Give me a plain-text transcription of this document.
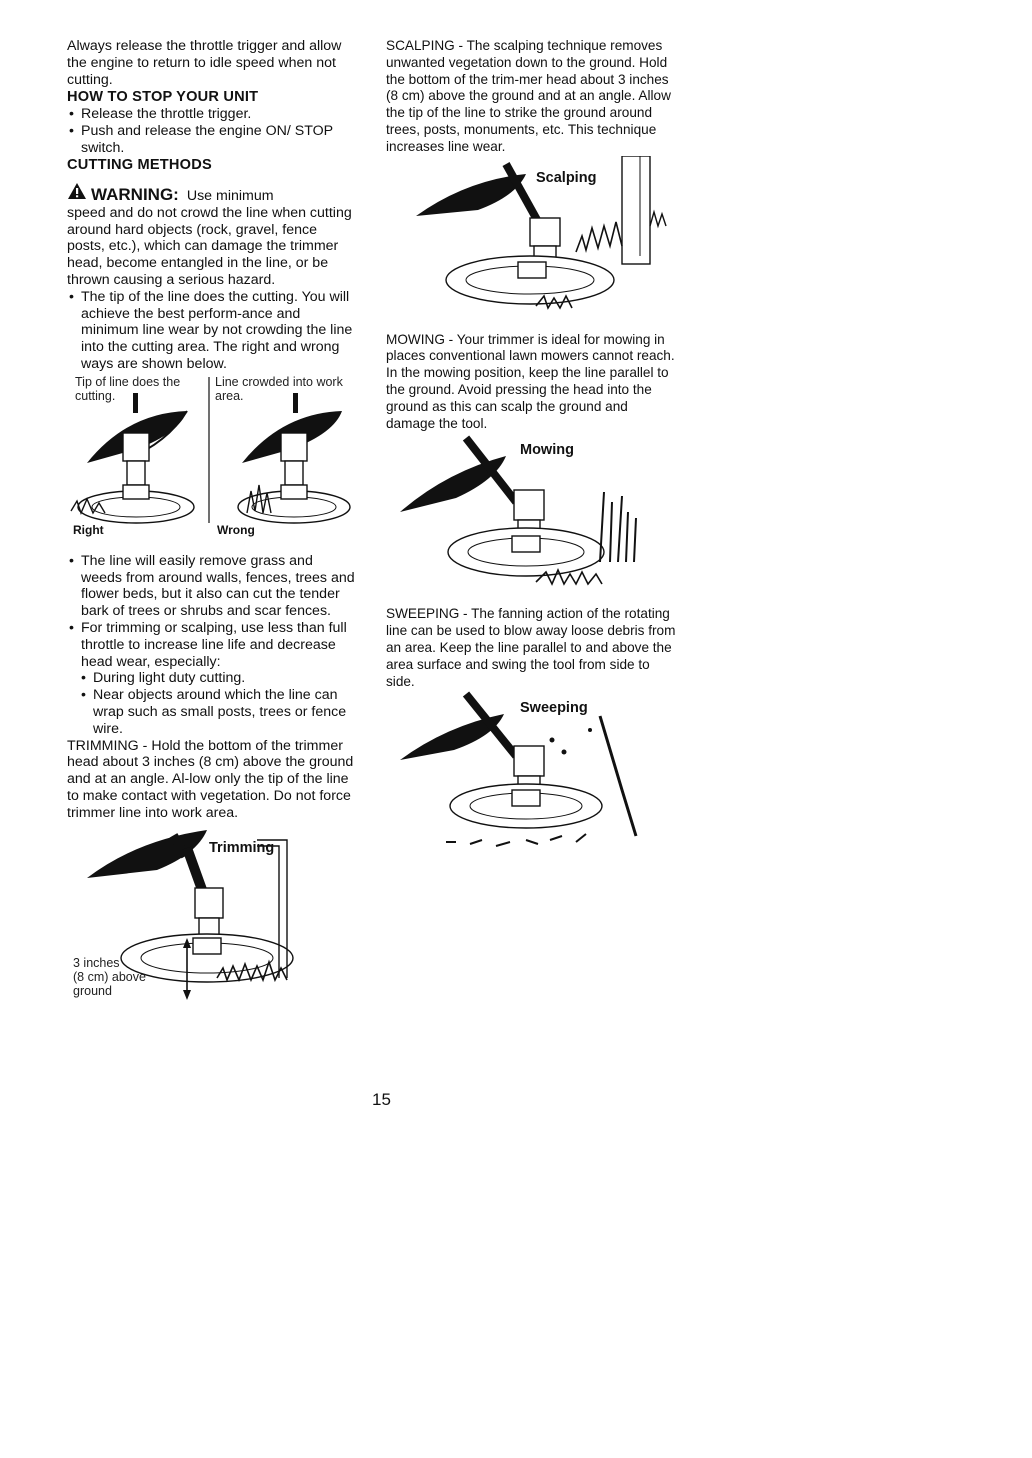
Always release the throttle trigger and allow the engine to return to idle speed when not cutting.

HOW TO STOP YOUR UNIT
• Release the throttle trigger.
• Push and release the engine ON/ STOP switch.
CUTTING METHODS
WARNING: Use minimum

speed and do not crowd the line when cutting around hard objects (rock, gravel, fence posts, etc.), which can damage the trimmer head, become entangled in the line, or be thrown causing a serious hazard.

• The tip of the line does the cutting. You will achieve the best perform-ance and minimum line wear by not crowding the line into the cutting area. The right and wrong ways are shown below.
Tip of line does the cutting.
Line crowded into work area.
Right	Wrong
• The line will easily remove grass and weeds from around walls, fences, trees and flower beds, but it also can cut the tender bark of trees or shrubs and scar fences.
• For trimming or scalping, use less than full throttle to increase line life and decrease head wear, especially:
• During light duty cutting.
• Near objects around which the line can wrap such as small posts, trees or fence wire.

TRIMMING - Hold the bottom of the trimmer head about 3 inches (8 cm) above the ground and at an angle. Al-low only the tip of the line to make contact with vegetation. Do not force trimmer line into work area.

Trimming
3 inches
(8 cm) above
ground

SCALPING - The scalping technique removes unwanted vegetation down to the ground. Hold the bottom of the trim-mer head about 3 inches (8 cm) above the ground and at an angle. Allow the tip of the line to strike the ground around trees, posts, monuments, etc. This technique increases line wear.

Scalping

MOWING - Your trimmer is ideal for mowing in places conventional lawn mowers cannot reach. In the mowing position, keep the line parallel to the ground. Avoid pressing the head into the ground as this can scalp the ground and damage the tool.

Mowing

SWEEPING - The fanning action of the rotating line can be used to blow away loose debris from an area. Keep the line parallel to and above the area surface and swing the tool from side to side.

Sweeping
15
